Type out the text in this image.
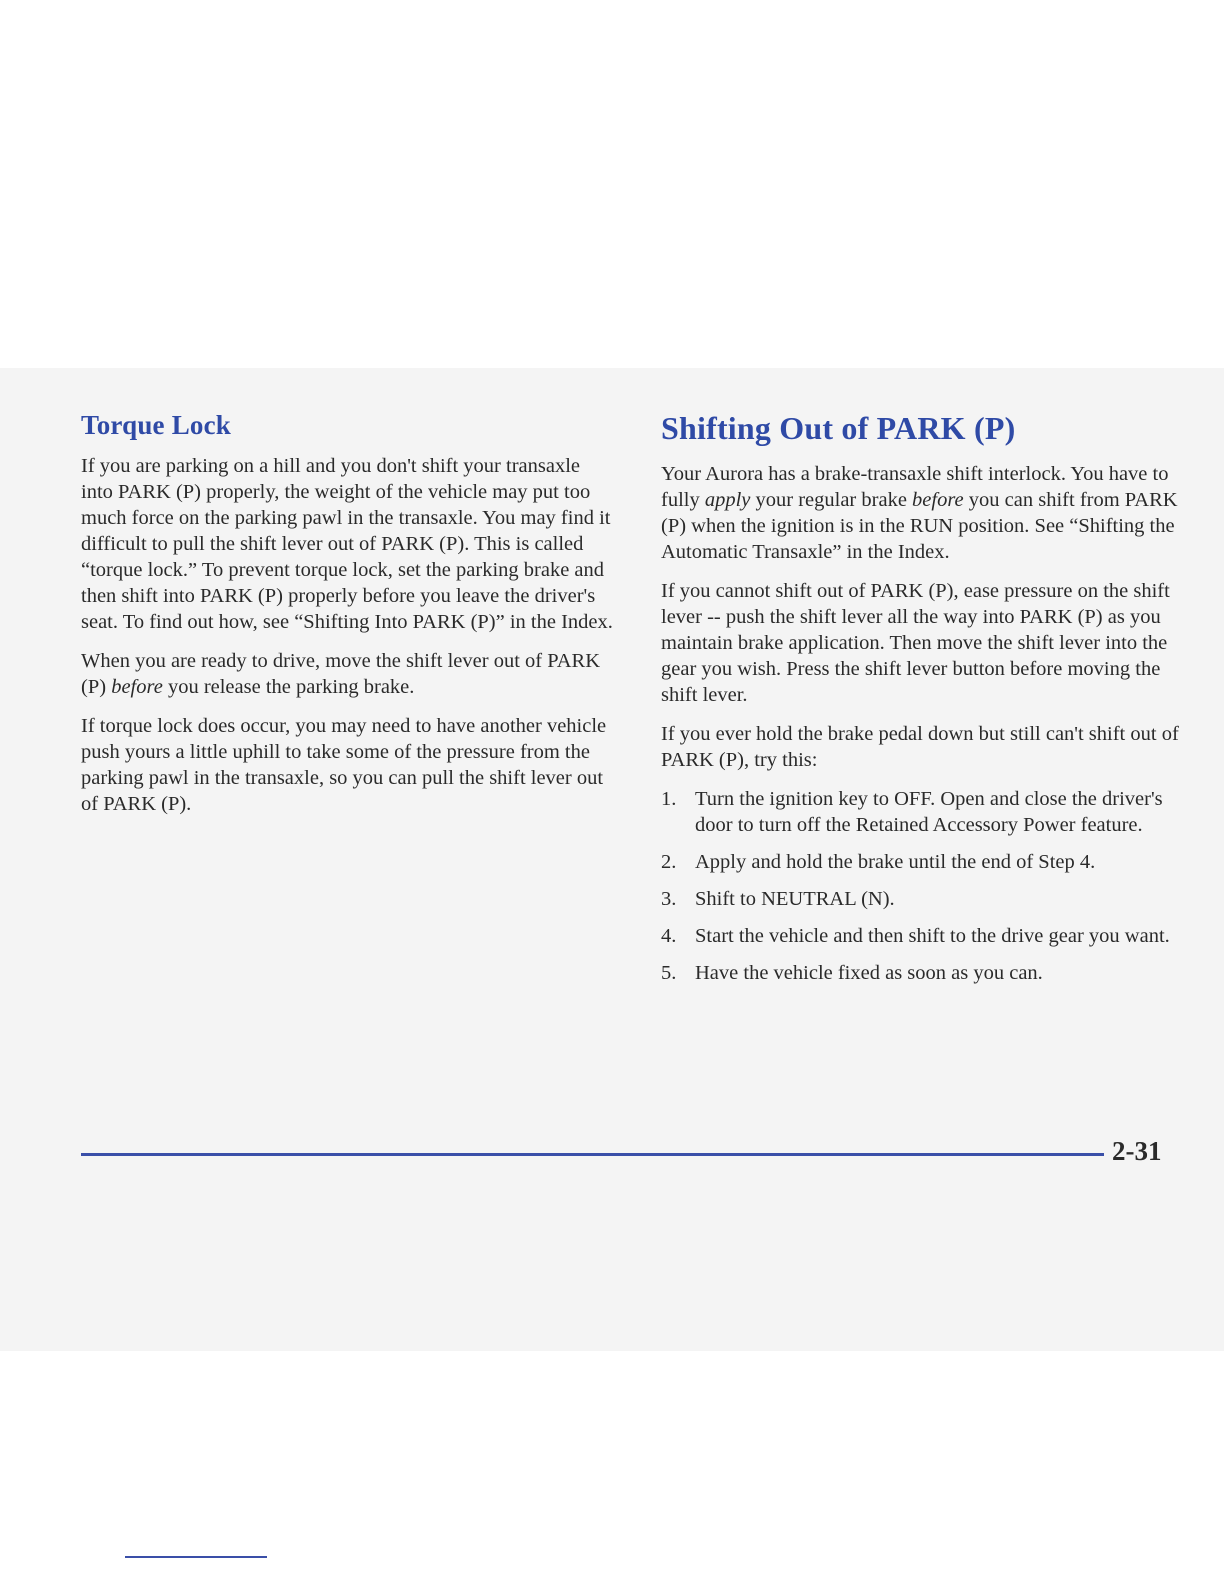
Torque Lock

If you are parking on a hill and you don't shift your transaxle into PARK (P) properly, the weight of the vehicle may put too much force on the parking pawl in the transaxle. You may find it difficult to pull the shift lever out of PARK (P). This is called “torque lock.” To prevent torque lock, set the parking brake and then shift into PARK (P) properly before you leave the driver's seat. To find out how, see “Shifting Into PARK (P)” in the Index.

When you are ready to drive, move the shift lever out of PARK (P) before you release the parking brake.

If torque lock does occur, you may need to have another vehicle push yours a little uphill to take some of the pressure from the parking pawl in the transaxle, so you can pull the shift lever out of PARK (P).

Shifting Out of PARK (P)

Your Aurora has a brake-transaxle shift interlock. You have to fully apply your regular brake before you can shift from PARK (P) when the ignition is in the RUN position. See “Shifting the Automatic Transaxle” in the Index.

If you cannot shift out of PARK (P), ease pressure on the shift lever -- push the shift lever all the way into PARK (P) as you maintain brake application. Then move the shift lever into the gear you wish. Press the shift lever button before moving the shift lever.

If you ever hold the brake pedal down but still can't shift out of PARK (P), try this:

1. Turn the ignition key to OFF. Open and close the driver's door to turn off the Retained Accessory Power feature.
2. Apply and hold the brake until the end of Step 4.
3. Shift to NEUTRAL (N).
4. Start the vehicle and then shift to the drive gear you want.
5. Have the vehicle fixed as soon as you can.
2-31
